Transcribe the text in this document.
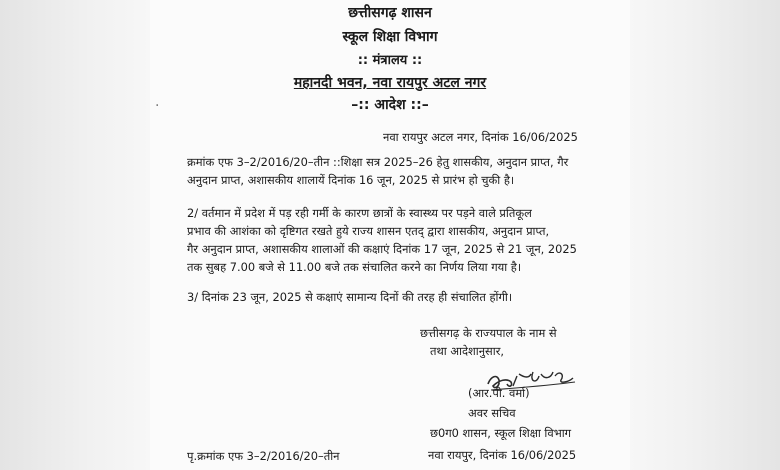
छत्तीसगढ़ शासन
स्कूल शिक्षा विभाग
:: मंत्रालय ::
महानदी भवन, नवा रायपुर अटल नगर
–:: आदेश ::–
·
नवा रायपुर अटल नगर, दिनांक 16/06/2025
क्रमांक एफ 3–2/2016/20–तीन ::शिक्षा सत्र 2025–26 हेतु शासकीय, अनुदान प्राप्त, गैर
अनुदान प्राप्त, अशासकीय शालायें दिनांक 16 जून, 2025 से प्रारंभ हो चुकी है।
2/ वर्तमान में प्रदेश में पड़ रही गर्मी के कारण छात्रों के स्वास्थ्य पर पड़ने वाले प्रतिकूल
प्रभाव की आशंका को दृष्टिगत रखते हुये राज्य शासन एतद् द्वारा शासकीय, अनुदान प्राप्त,
गैर अनुदान प्राप्त, अशासकीय शालाओं की कक्षाएं दिनांक 17 जून, 2025 से 21 जून, 2025
तक सुबह 7.00 बजे से 11.00 बजे तक संचालित करने का निर्णय लिया गया है।
3/ दिनांक 23 जून, 2025 से कक्षाएं सामान्य दिनों की तरह ही संचालित होंगी।
छत्तीसगढ़ के राज्यपाल के नाम से
तथा आदेशानुसार,
(आर.पी. वर्मा)
अवर सचिव
छ0ग0 शासन, स्कूल शिक्षा विभाग
नवा रायपुर, दिनांक 16/06/2025
पृ.क्रमांक एफ 3–2/2016/20–तीन
